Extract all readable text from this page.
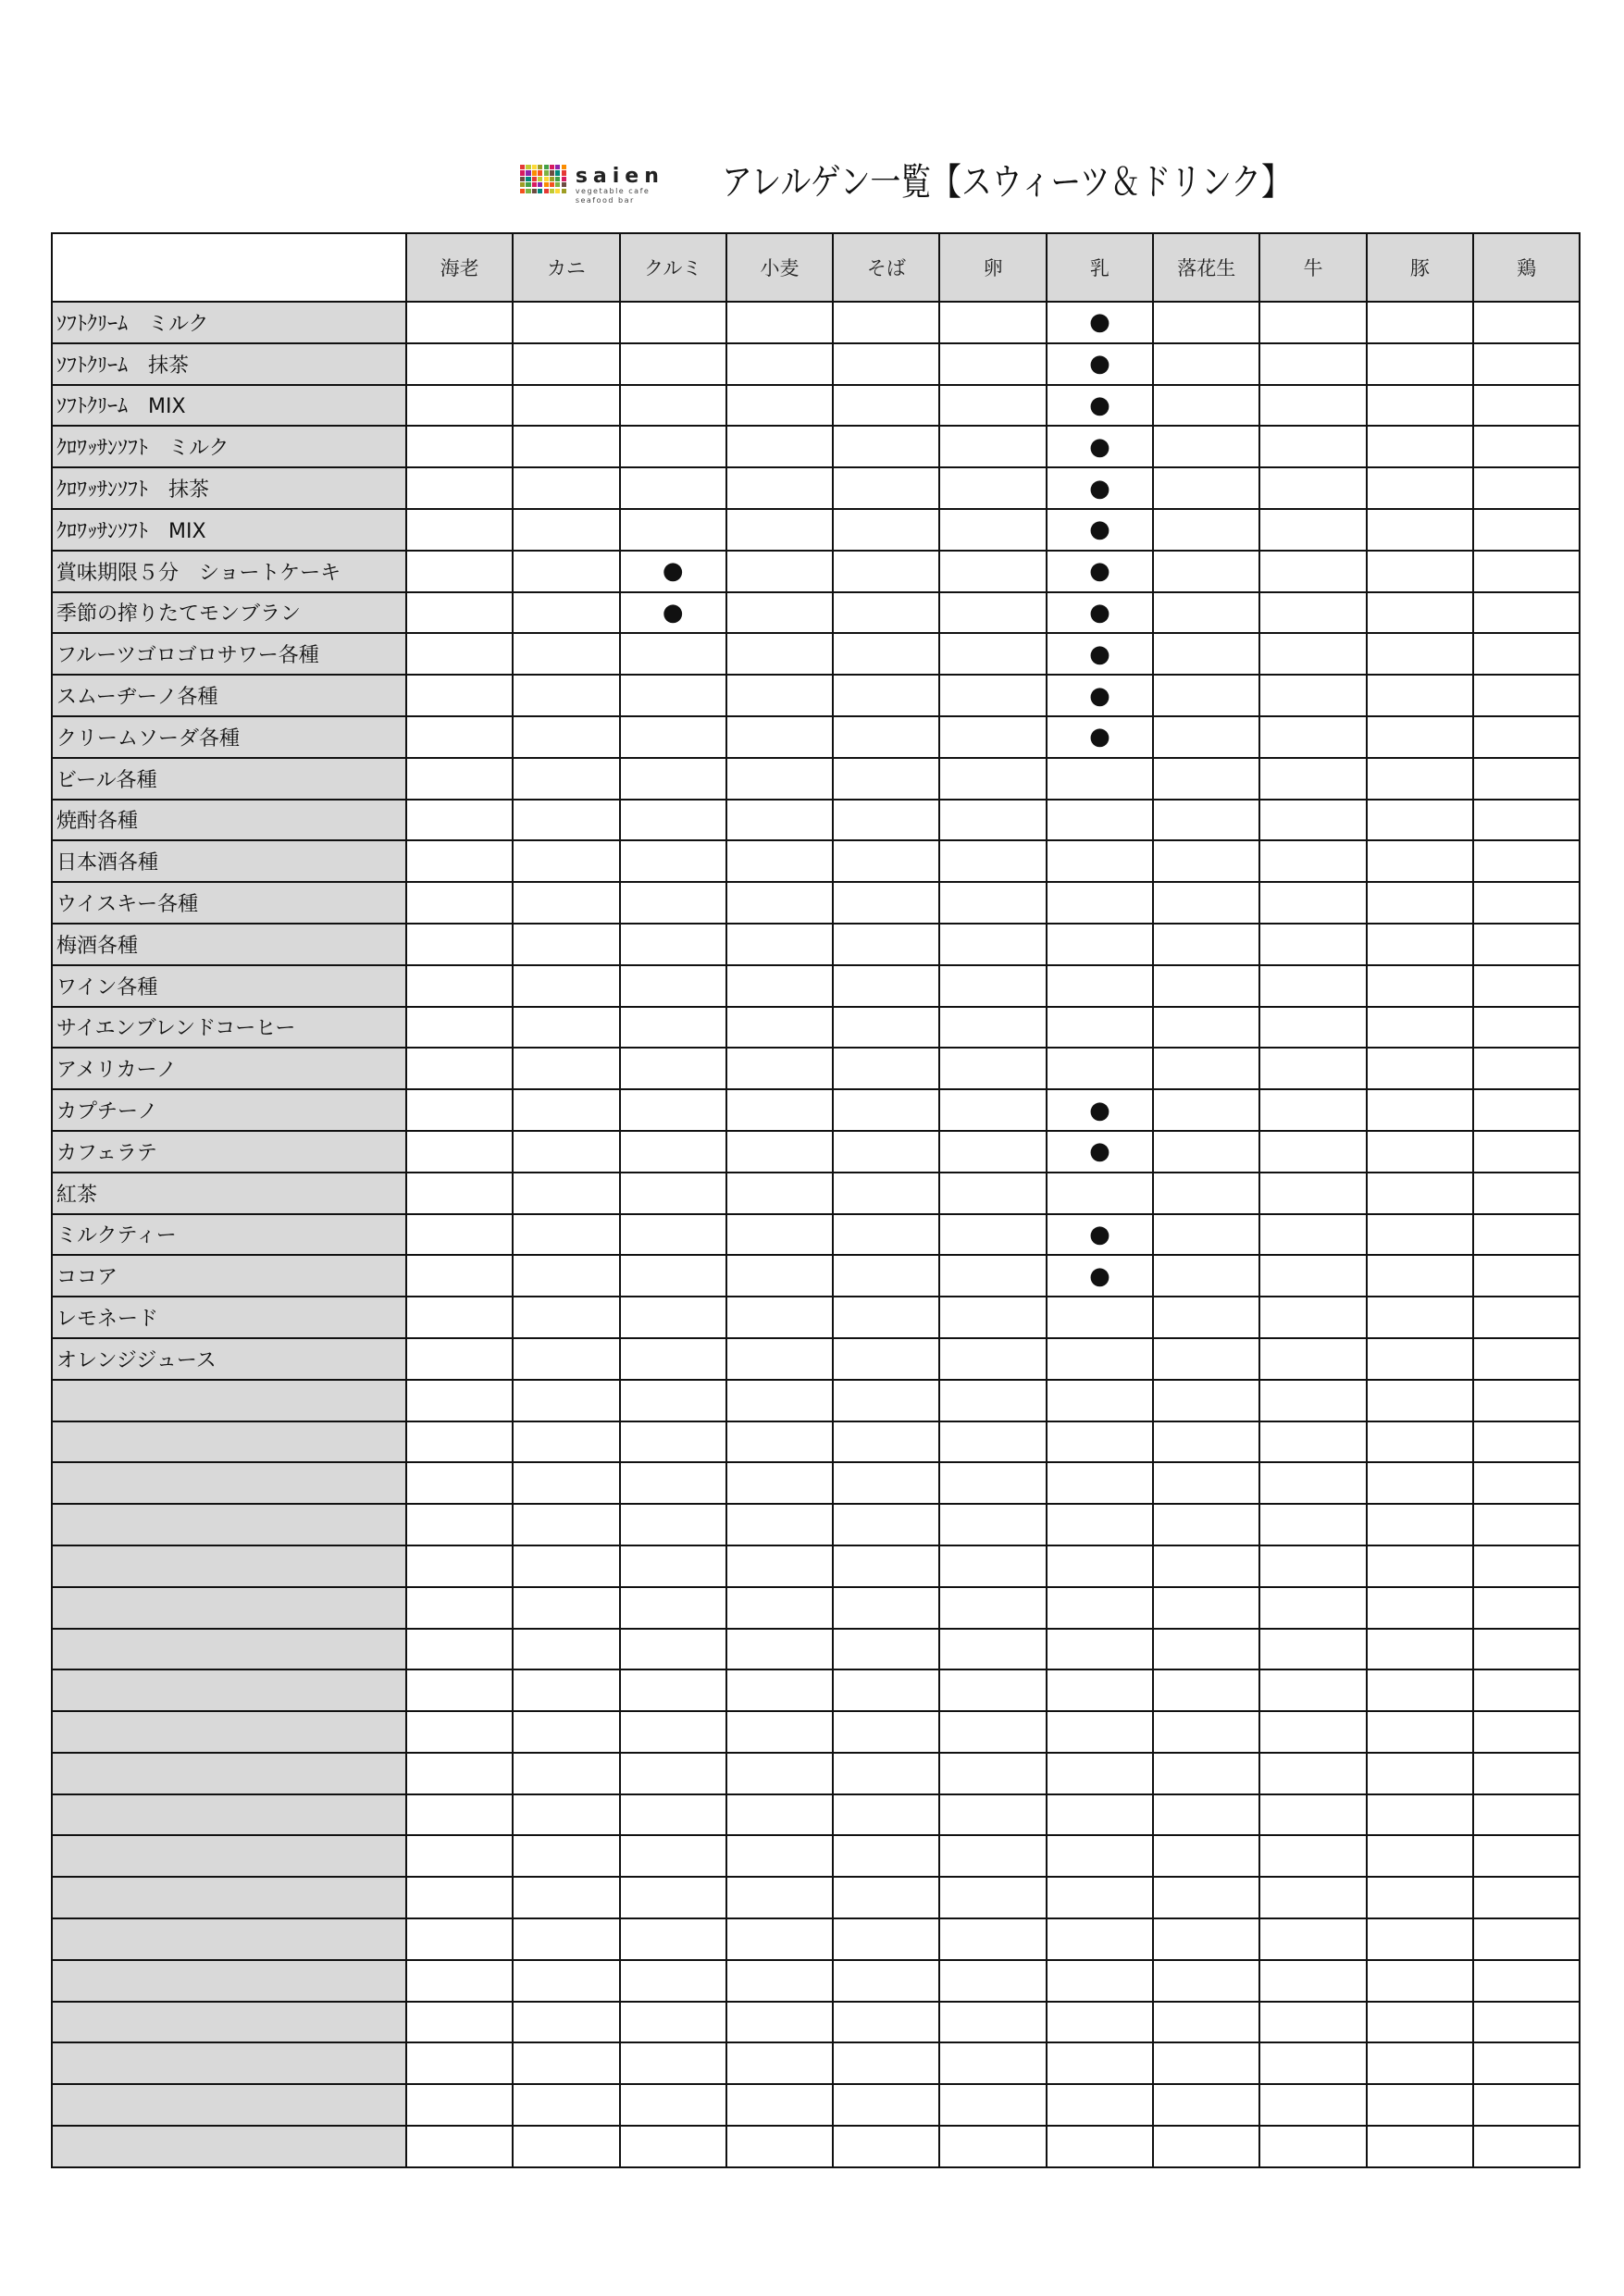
saien
vegetable cafe
seafood bar	アレルゲン一覧【スウィーツ＆ドリンク】
	海老	カニ	クルミ	小麦	そば	卵	乳	落花生	牛	豚	鶏
ｿﾌﾄｸﾘｰﾑ　ミルク							●				
ｿﾌﾄｸﾘｰﾑ　抹茶							●				
ｿﾌﾄｸﾘｰﾑ　MIX							●				
ｸﾛﾜｯｻﾝｿﾌﾄ　ミルク							●				
ｸﾛﾜｯｻﾝｿﾌﾄ　抹茶							●				
ｸﾛﾜｯｻﾝｿﾌﾄ　MIX							●				
賞味期限５分　ショートケーキ			●				●				
季節の搾りたてモンブラン			●				●				
フルーツゴロゴロサワー各種							●				
スムーヂーノ各種							●				
クリームソーダ各種							●				
ビール各種											
焼酎各種											
日本酒各種											
ウイスキー各種											
梅酒各種											
ワイン各種											
サイエンブレンドコーヒー											
アメリカーノ											
カプチーノ							●				
カフェラテ							●				
紅茶											
ミルクティー							●				
ココア							●				
レモネード											
オレンジジュース											
